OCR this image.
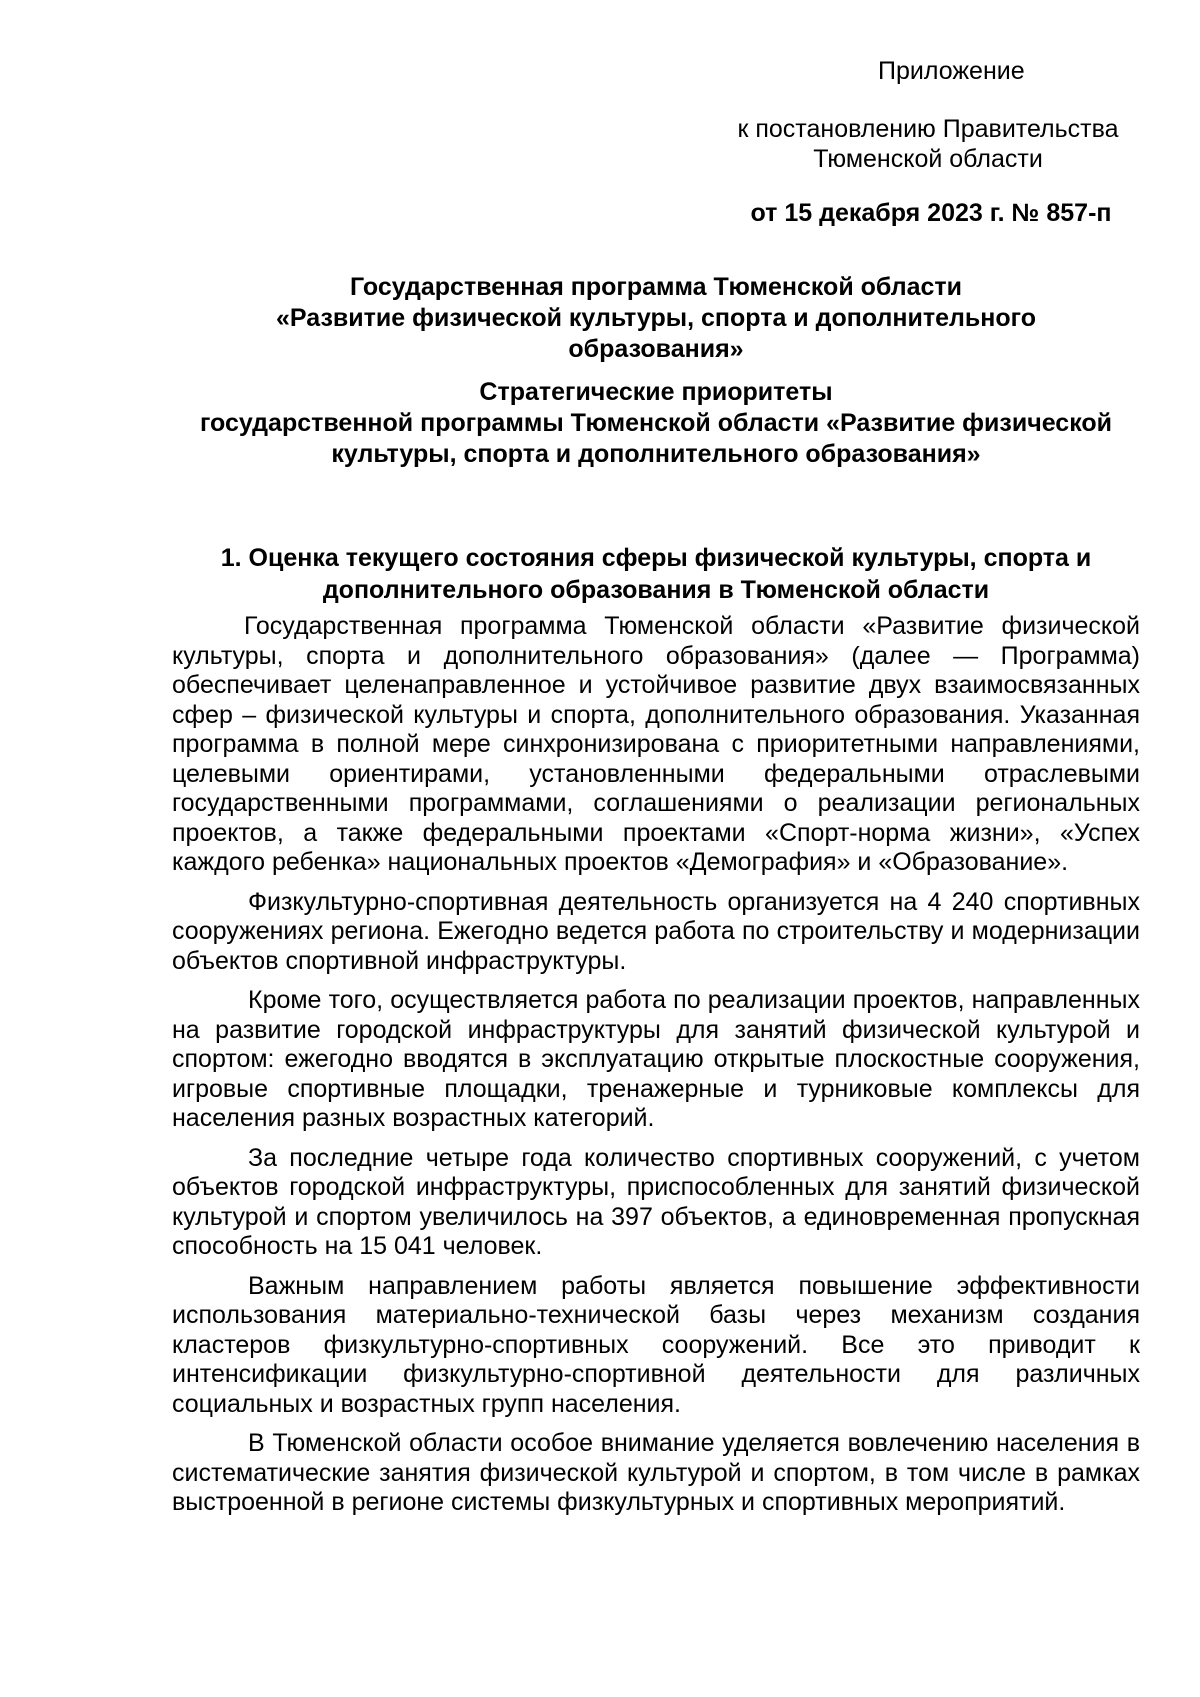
Приложение
к постановлению Правительства
Тюменской области
от 15 декабря 2023 г. № 857-п
Государственная программа Тюменской области
«Развитие физической культуры, спорта и дополнительного
образования»
Стратегические приоритеты
государственной программы Тюменской области «Развитие физической
культуры, спорта и дополнительного образования»
1. Оценка текущего состояния сферы физической культуры, спорта и
дополнительного образования в Тюменской области

Государственная программа Тюменской области «Развитие физической культуры, спорта и дополнительного образования» (далее — Программа) обеспечивает целенаправленное и устойчивое развитие двух взаимосвязанных сфер – физической культуры и спорта, дополнительного образования. Указанная программа в полной мере синхронизирована с приоритетными направлениями, целевыми ориентирами, установленными федеральными отраслевыми государственными программами, соглашениями о реализации региональных проектов, а также федеральными проектами «Спорт-норма жизни», «Успех каждого ребенка» национальных проектов «Демография» и «Образование».

Физкультурно-спортивная деятельность организуется на 4 240 спортивных сооружениях региона. Ежегодно ведется работа по строительству и модернизации объектов спортивной инфраструктуры.

Кроме того, осуществляется работа по реализации проектов, направленных на развитие городской инфраструктуры для занятий физической культурой и спортом: ежегодно вводятся в эксплуатацию открытые плоскостные сооружения, игровые спортивные площадки, тренажерные и турниковые комплексы для населения разных возрастных категорий.

За последние четыре года количество спортивных сооружений, с учетом объектов городской инфраструктуры, приспособленных для занятий физической культурой и спортом увеличилось на 397 объектов, а единовременная пропускная способность на 15 041 человек.

Важным направлением работы является повышение эффективности использования материально-технической базы через механизм создания кластеров физкультурно-спортивных сооружений. Все это приводит к интенсификации физкультурно-спортивной деятельности для различных социальных и возрастных групп населения.

В Тюменской области особое внимание уделяется вовлечению населения в систематические занятия физической культурой и спортом, в том числе в рамках выстроенной в регионе системы физкультурных и спортивных мероприятий.
